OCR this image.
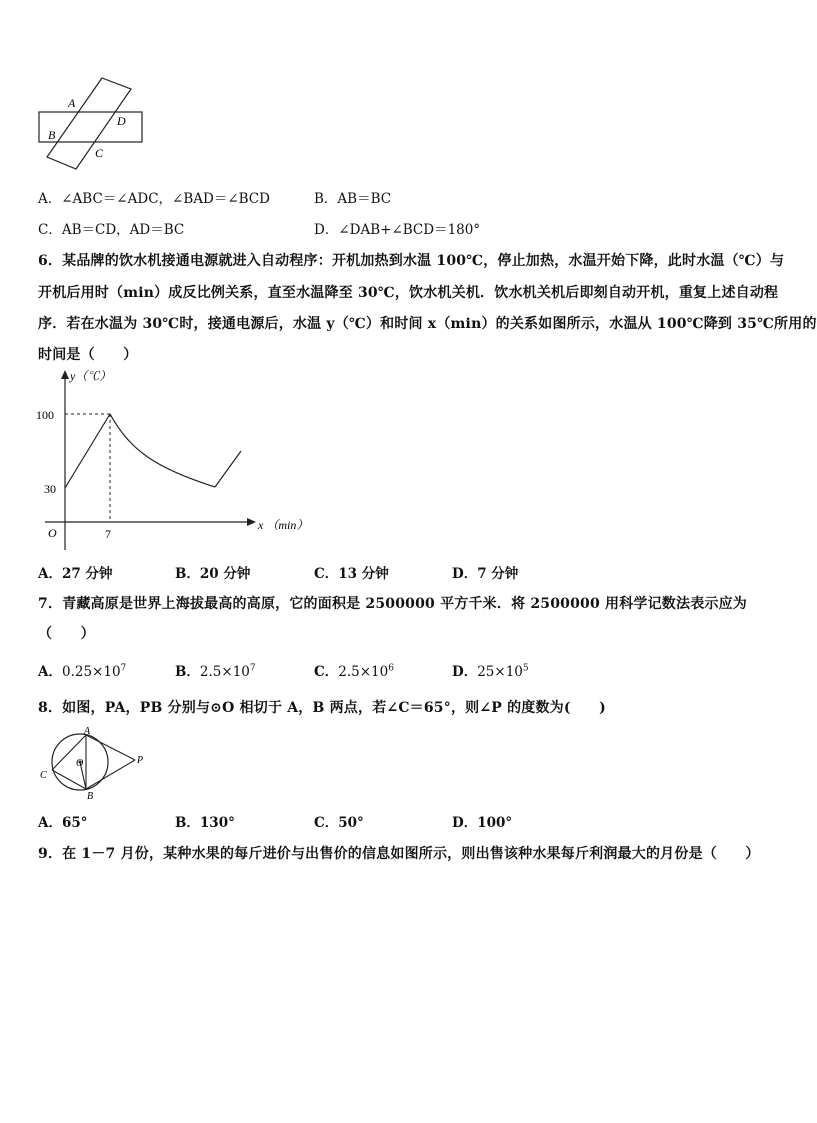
A
B
C
D
A．∠ABC＝∠ADC，∠BAD＝∠BCD	B．AB＝BC
C．AB＝CD，AD＝BC	D．∠DAB+∠BCD＝180°
6．某品牌的饮水机接通电源就进入自动程序：开机加热到水温 100℃，停止加热，水温开始下降，此时水温（℃）与
开机后用时（min）成反比例关系，直至水温降至 30℃，饮水机关机．饮水机关机后即刻自动开机，重复上述自动程
序．若在水温为 30℃时，接通电源后，水温 y（℃）和时间 x（min）的关系如图所示，水温从 100℃降到 35℃所用的
时间是（　　）
y（℃）
x （min）
O
100
30
7
A．27 分钟	B．20 分钟	C．13 分钟	D．7 分钟
7．青藏高原是世界上海拔最高的高原，它的面积是 2500000 平方千米．将 2500000 用科学记数法表示应为
（　　）
A．$0.25\times 10^7$	B．$2.5\times 10^7$	C．$2.5\times 10^6$	D．$25\times 10^5$
8．如图，PA，PB 分别与⊙O 相切于 A，B 两点，若∠C＝65°，则∠P 的度数为(　　)
A
B
C
O	P
A．65°	B．130°	C．50°	D．100°
9．在 1－7 月份，某种水果的每斤进价与出售价的信息如图所示，则出售该种水果每斤利润最大的月份是（　　）
